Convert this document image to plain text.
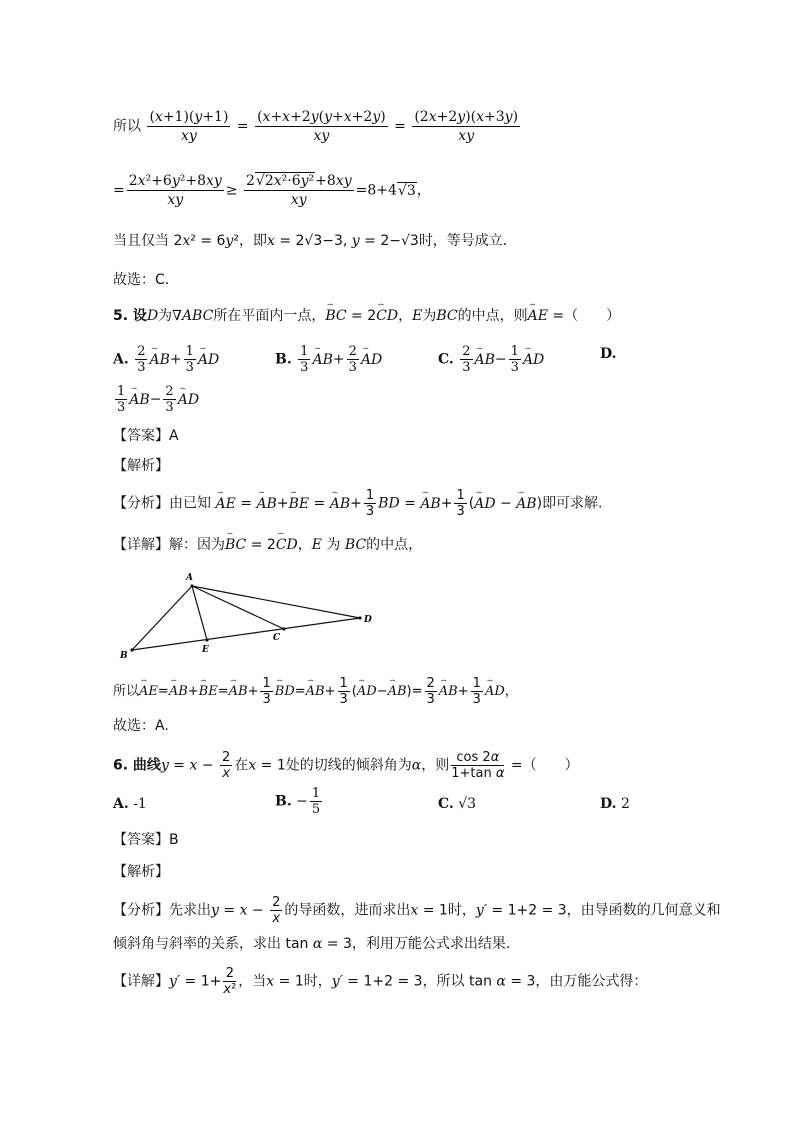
所以 $\frac{(x+1)(y+1)}{xy} = \frac{(x+x+2y(y+x+2y)}{xy} = \frac{(2x+2y)(x+3y)}{xy}$
= $\frac{\text{2x²+6y²+8xy}}{xy} \ge \frac{\text{2√2x²·6y²+8xy}}{xy} =8+4√3$，
当且仅当 2x² = 6y²，即x = 2√3−3, y = 2−√3时，等号成立．
故选：C．
5. 设D为∇ABC所在平面内一点，⌢ BC = 2⌢ CD，E为BC的中点，则⌢ AE =（　　）
A. $\frac{2}{3}$ ⌢ $AB+ \frac{1}{3}$ ⌢ AD	B. $\frac{1}{3}$ ⌢ $AB+ \frac{2}{3}$ ⌢ AD	C. $\frac{2}{3}$ ⌢ $AB- \frac{1}{3}$ ⌢ AD	D.
$\frac{1}{3}$ ⌢ $AB- \frac{2}{3}$ ⌢ AD
【答案】A
【解析】
【分析】由已知 ⌢ AE = ⌢ AB+⌢ BE = ⌢ $AB+ \frac{1}{3}$ BD = ⌢ $AB+ \frac{1}{3}$ (⌢ AD − ⌢ AB)即可求解.
【详解】解：因为⌢ BC = 2⌢ CD，E 为 BC的中点，
A
B
C
D
E
所以⌢ AE=⌢ AB+⌢ BE=⌢ $AB+ \frac{1}{3}$ ⌢ BD=⌢ $AB+ \frac{1}{3}$ (⌢ AD−⌢ $AB)= \frac{2}{3}$ ⌢ $AB+ \frac{1}{3}$ ⌢ AD，
故选：A.
6. 曲线$y = x - \frac{2}{x}$ 在x = 1处的切线的倾斜角为α，则 $\frac{\cos 2\alpha}{\text{1+tan α}}$ =（　　）
A. -1	B. − $\frac{1}{5}$	C. √3	D. 2
【答案】B
【解析】
【分析】先求出$y = x - \frac{2}{x}$ 的导函数，进而求出x = 1时，y′ = 1+2 = 3，由导函数的几何意义和
倾斜角与斜率的关系，求出 tan α = 3，利用万能公式求出结果.
【详解】$y' = 1+ \frac{2}{\text{x²}}$ ，当x = 1时，y′ = 1+2 = 3，所以 tan α = 3，由万能公式得：
